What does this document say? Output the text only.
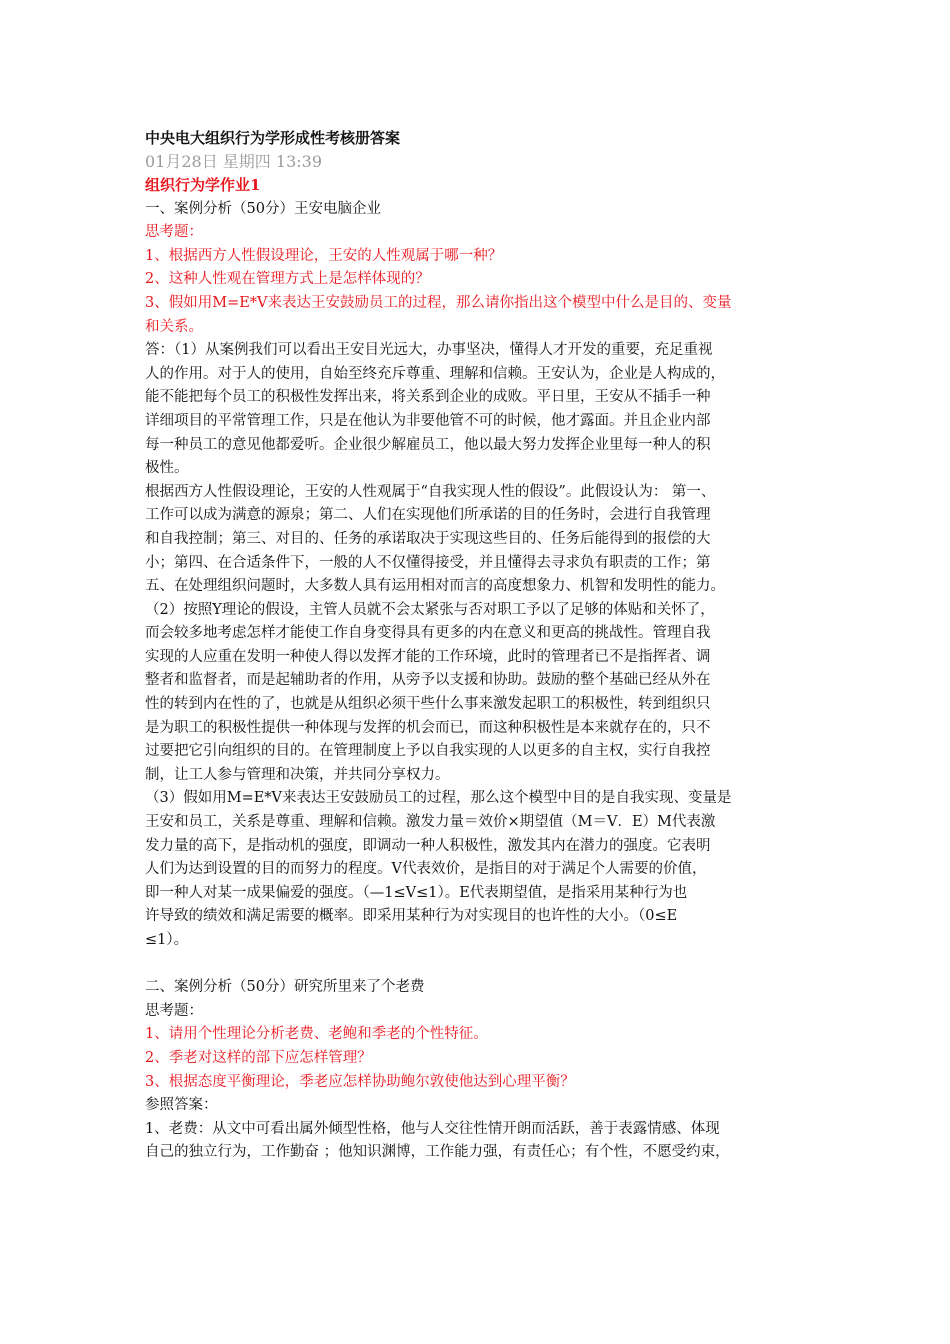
中央电大组织行为学形成性考核册答案
01月28日 星期四 13:39
组织行为学作业1
一、案例分析（50分）王安电脑企业
思考题：
1、根据西方人性假设理论，王安的人性观属于哪一种？
2、这种人性观在管理方式上是怎样体现的？
3、假如用M=E*V来表达王安鼓励员工的过程，那么请你指出这个模型中什么是目的、变量
和关系。
答：（1）从案例我们可以看出王安目光远大，办事坚决，懂得人才开发的重要，充足重视
人的作用。对于人的使用，自始至终充斥尊重、理解和信赖。王安认为，企业是人构成的，
能不能把每个员工的积极性发挥出来，将关系到企业的成败。平日里，王安从不插手一种
详细项目的平常管理工作，只是在他认为非要他管不可的时候，他才露面。并且企业内部
每一种员工的意见他都爱听。企业很少解雇员工，他以最大努力发挥企业里每一种人的积
极性。
根据西方人性假设理论，王安的人性观属于“自我实现人性的假设”。此假设认为： 第一、
工作可以成为满意的源泉；第二、人们在实现他们所承诺的目的任务时，会进行自我管理
和自我控制；第三、对目的、任务的承诺取决于实现这些目的、任务后能得到的报偿的大
小；第四、在合适条件下，一般的人不仅懂得接受，并且懂得去寻求负有职责的工作；第
五、在处理组织问题时，大多数人具有运用相对而言的高度想象力、机智和发明性的能力。
（2）按照Y理论的假设，主管人员就不会太紧张与否对职工予以了足够的体贴和关怀了，
而会较多地考虑怎样才能使工作自身变得具有更多的内在意义和更高的挑战性。管理自我
实现的人应重在发明一种使人得以发挥才能的工作环境，此时的管理者已不是指挥者、调
整者和监督者，而是起辅助者的作用，从旁予以支援和协助。鼓励的整个基础已经从外在
性的转到内在性的了，也就是从组织必须干些什么事来激发起职工的积极性，转到组织只
是为职工的积极性提供一种体现与发挥的机会而已，而这种积极性是本来就存在的，只不
过要把它引向组织的目的。在管理制度上予以自我实现的人以更多的自主权，实行自我控
制，让工人参与管理和决策，并共同分享权力。
（3）假如用M=E*V来表达王安鼓励员工的过程，那么这个模型中目的是自我实现、变量是
王安和员工，关系是尊重、理解和信赖。激发力量＝效价×期望值（M＝V．E）M代表激
发力量的高下，是指动机的强度，即调动一种人积极性，激发其内在潜力的强度。它表明
人们为达到设置的目的而努力的程度。V代表效价，是指目的对于满足个人需要的价值，
即一种人对某一成果偏爱的强度。（—1≤V≤1）。E代表期望值，是指采用某种行为也
许导致的绩效和满足需要的概率。即采用某种行为对实现目的也许性的大小。（0≤E
≤1）。
二、案例分析（50分）研究所里来了个老费
思考题：
1、请用个性理论分析老费、老鲍和季老的个性特征。
2、季老对这样的部下应怎样管理？
3、根据态度平衡理论，季老应怎样协助鲍尔敦使他达到心理平衡？
参照答案：
1、老费：从文中可看出属外倾型性格，他与人交往性情开朗而活跃，善于表露情感、体现
自己的独立行为，工作勤奋 ；他知识渊博，工作能力强，有责任心；有个性，不愿受约束，
